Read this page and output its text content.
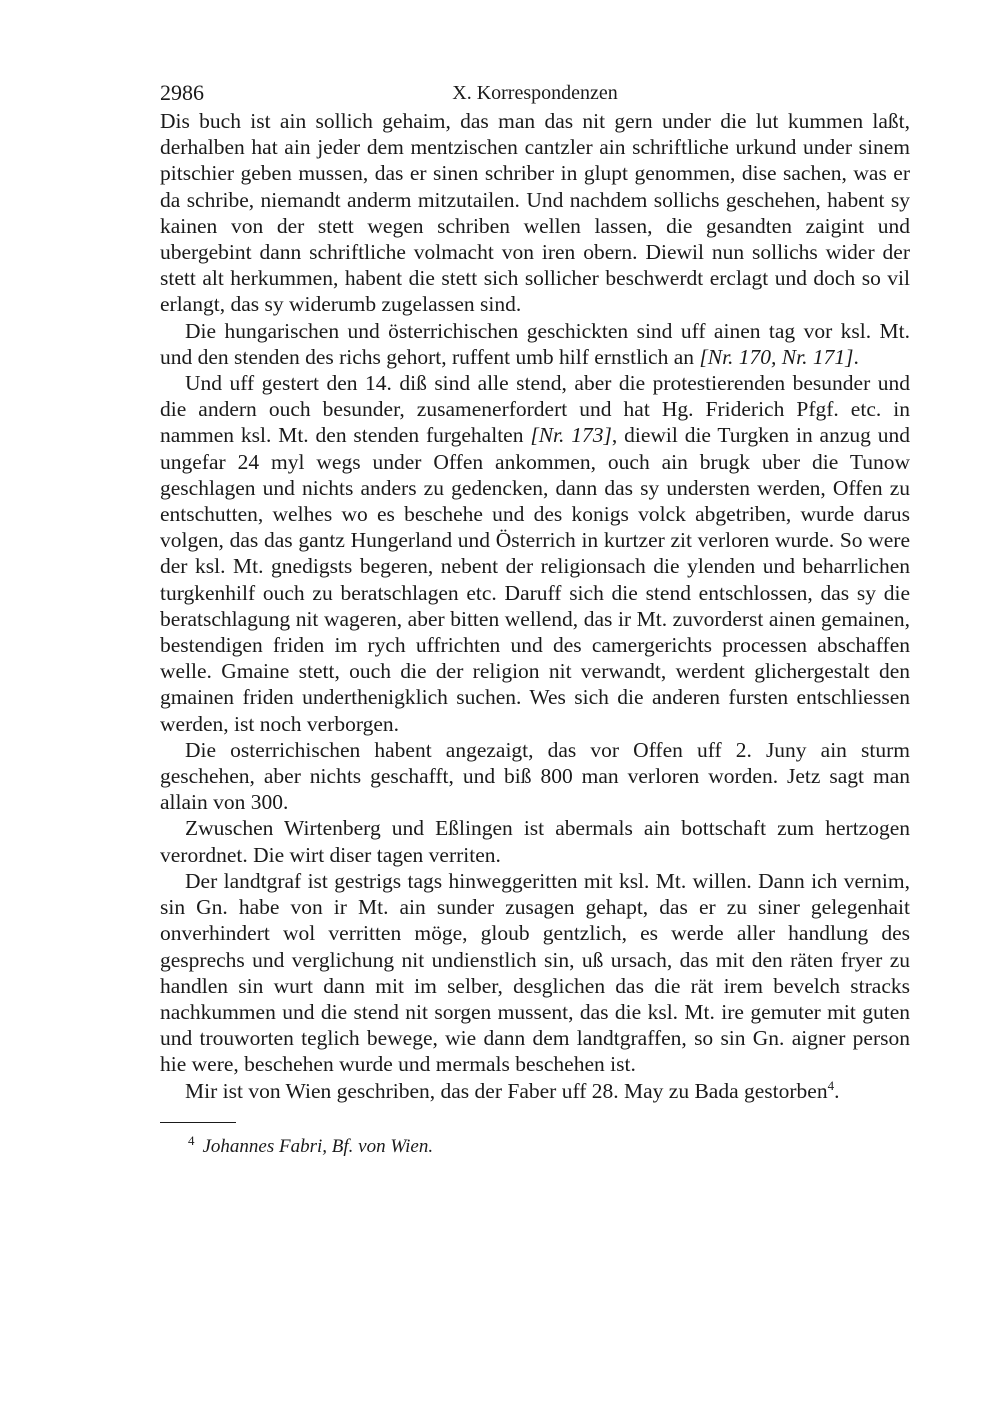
2986	X. Korrespondenzen

Dis buch ist ain sollich gehaim, das man das nit gern under die lut kummen laßt, derhalben hat ain jeder dem mentzischen cantzler ain schriftliche urkund under sinem pitschier geben mussen, das er sinen schriber in glupt genommen, dise sachen, was er da schribe, niemandt anderm mitzutailen. Und nachdem sollichs geschehen, habent sy kainen von der stett wegen schriben wellen lassen, die gesandten zaigint und ubergebint dann schriftliche volmacht von iren obern. Diewil nun sollichs wider der stett alt herkummen, habent die stett sich sollicher beschwerdt erclagt und doch so vil erlangt, das sy widerumb zugelassen sind.

Die hungarischen und österrichischen geschickten sind uff ainen tag vor ksl. Mt. und den stenden des richs gehort, ruffent umb hilf ernstlich an [Nr. 170, Nr. 171].

Und uff gestert den 14. diß sind alle stend, aber die protestierenden besunder und die andern ouch besunder, zusamenerfordert und hat Hg. Friderich Pfgf. etc. in nammen ksl. Mt. den stenden furgehalten [Nr. 173], diewil die Turgken in anzug und ungefar 24 myl wegs under Offen ankommen, ouch ain brugk uber die Tunow geschlagen und nichts anders zu gedencken, dann das sy understen werden, Offen zu entschutten, welhes wo es beschehe und des konigs volck abgetriben, wurde darus volgen, das das gantz Hungerland und Österrich in kurtzer zit verloren wurde. So were der ksl. Mt. gnedigsts begeren, nebent der religionsach die ylenden und beharrlichen turgkenhilf ouch zu beratschlagen etc. Daruff sich die stend entschlossen, das sy die beratschlagung nit wageren, aber bitten wellend, das ir Mt. zuvorderst ainen gemainen, bestendigen friden im rych uffrichten und des camergerichts processen abschaffen welle. Gmaine stett, ouch die der religion nit verwandt, werdent glichergestalt den gmainen friden underthenigklich suchen. Wes sich die anderen fursten entschliessen werden, ist noch verborgen.

Die osterrichischen habent angezaigt, das vor Offen uff 2. Juny ain sturm geschehen, aber nichts geschafft, und biß 800 man verloren worden. Jetz sagt man allain von 300.

Zwuschen Wirtenberg und Eßlingen ist abermals ain bottschaft zum hertzogen verordnet. Die wirt diser tagen verriten.

Der landtgraf ist gestrigs tags hinweggeritten mit ksl. Mt. willen. Dann ich vernim, sin Gn. habe von ir Mt. ain sunder zusagen gehapt, das er zu siner gelegenhait onverhindert wol verritten möge, gloub gentzlich, es werde aller handlung des gesprechs und verglichung nit undienstlich sin, uß ursach, das mit den räten fryer zu handlen sin wurt dann mit im selber, desglichen das die rät irem bevelch stracks nachkummen und die stend nit sorgen mussent, das die ksl. Mt. ire gemuter mit guten und trouworten teglich bewege, wie dann dem landtgraffen, so sin Gn. aigner person hie were, beschehen wurde und mermals beschehen ist.

Mir ist von Wien geschriben, das der Faber uff 28. May zu Bada gestorben$^4$.

$^4$ Johannes Fabri, Bf. von Wien.
